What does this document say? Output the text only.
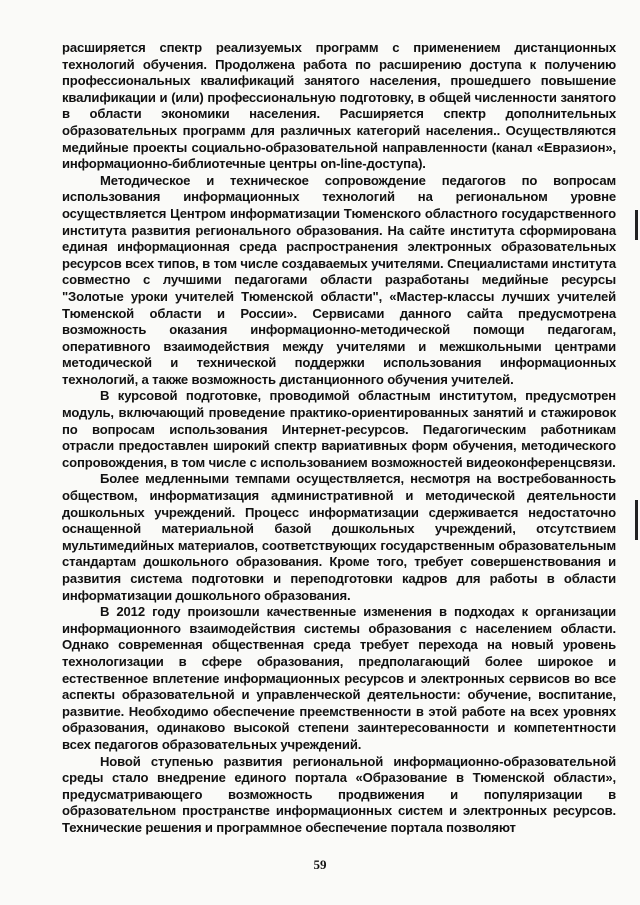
расширяется спектр реализуемых программ с применением дистанционных технологий обучения. Продолжена работа по расширению доступа к получению профессиональных квалификаций занятого населения, прошедшего повышение квалификации и (или) профессиональную подготовку, в общей численности занятого в области экономики населения. Расширяется спектр дополнительных образовательных программ для различных категорий населения.. Осуществляются медийные проекты социально-образовательной направленности (канал «Евразион», информационно-библиотечные центры on-line-доступа).

Методическое и техническое сопровождение педагогов по вопросам использования информационных технологий на региональном уровне осуществляется Центром информатизации Тюменского областного государственного института развития регионального образования. На сайте института сформирована единая информационная среда распространения электронных образовательных ресурсов всех типов, в том числе создаваемых учителями. Специалистами института совместно с лучшими педагогами области разработаны медийные ресурсы "Золотые уроки учителей Тюменской области", «Мастер-классы лучших учителей Тюменской области и России». Сервисами данного сайта предусмотрена возможность оказания информационно-методической помощи педагогам, оперативного взаимодействия между учителями и межшкольными центрами методической и технической поддержки использования информационных технологий, а также возможность дистанционного обучения учителей.

В курсовой подготовке, проводимой областным институтом, предусмотрен модуль, включающий проведение практико-ориентированных занятий и стажировок по вопросам использования Интернет-ресурсов. Педагогическим работникам отрасли предоставлен широкий спектр вариативных форм обучения, методического сопровождения, в том числе с использованием возможностей видеоконференцсвязи.

Более медленными темпами осуществляется, несмотря на востребованность обществом, информатизация административной и методической деятельности дошкольных учреждений. Процесс информатизации сдерживается недостаточно оснащенной материальной базой дошкольных учреждений, отсутствием мультимедийных материалов, соответствующих государственным образовательным стандартам дошкольного образования. Кроме того, требует совершенствования и развития система подготовки и переподготовки кадров для работы в области информатизации дошкольного образования.

В 2012 году произошли качественные изменения в подходах к организации информационного взаимодействия системы образования с населением области. Однако современная общественная среда требует перехода на новый уровень технологизации в сфере образования, предполагающий более широкое и естественное вплетение информационных ресурсов и электронных сервисов во все аспекты образовательной и управленческой деятельности: обучение, воспитание, развитие. Необходимо обеспечение преемственности в этой работе на всех уровнях образования, одинаково высокой степени заинтересованности и компетентности всех педагогов образовательных учреждений.

Новой ступенью развития региональной информационно-образовательной среды стало внедрение единого портала «Образование в Тюменской области», предусматривающего возможность продвижения и популяризации в образовательном пространстве информационных систем и электронных ресурсов. Технические решения и программное обеспечение портала позволяют

59
